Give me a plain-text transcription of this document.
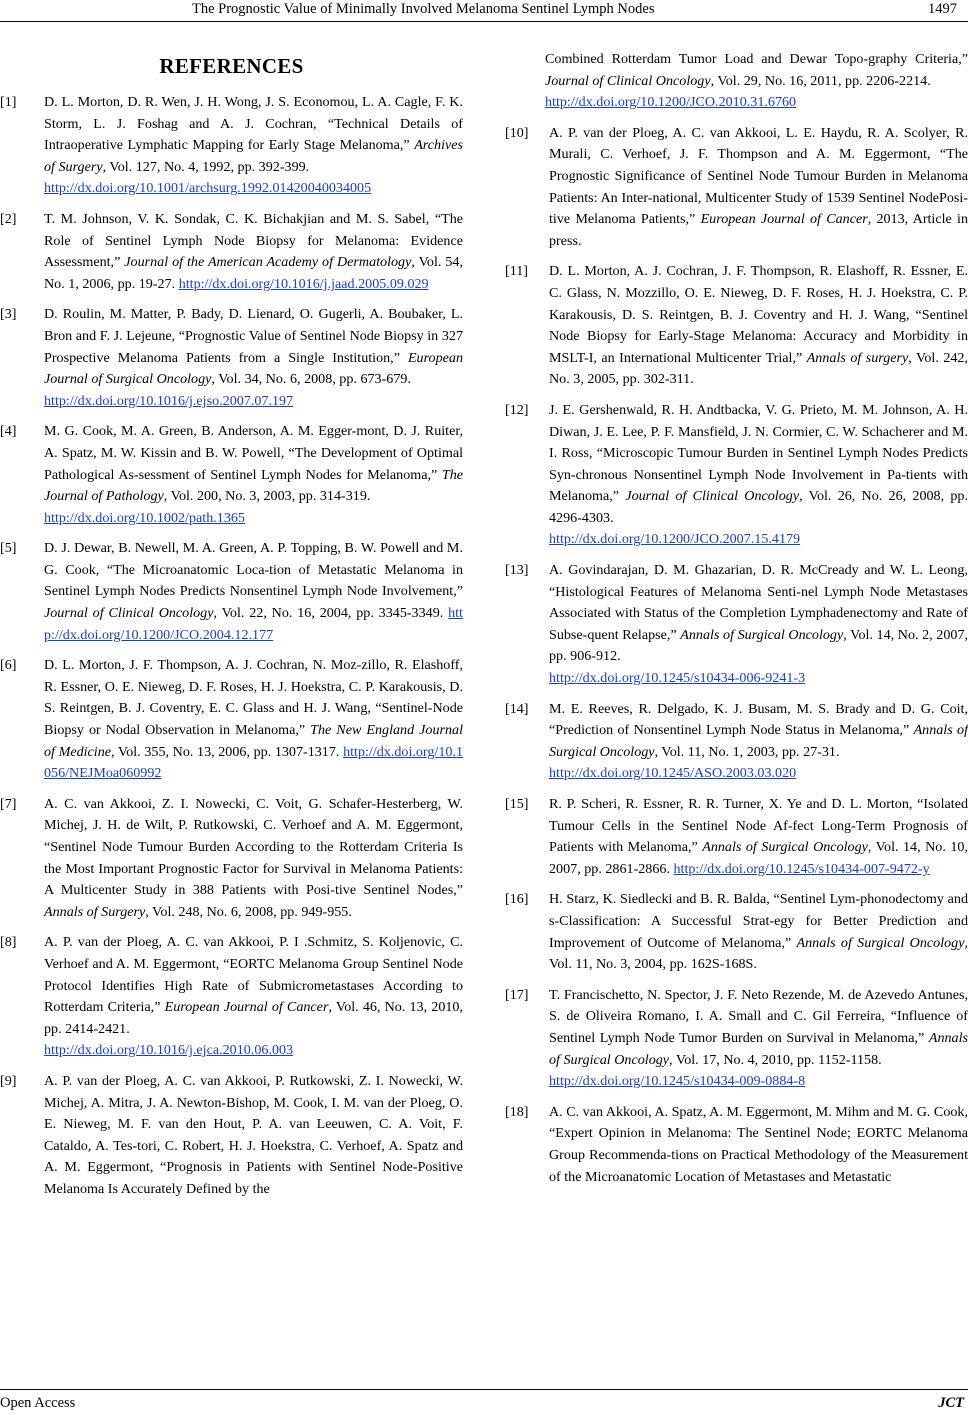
The Prognostic Value of Minimally Involved Melanoma Sentinel Lymph Nodes	1497
REFERENCES
[1] D. L. Morton, D. R. Wen, J. H. Wong, J. S. Economou, L. A. Cagle, F. K. Storm, L. J. Foshag and A. J. Cochran, “Technical Details of Intraoperative Lymphatic Mapping for Early Stage Melanoma,” Archives of Surgery, Vol. 127, No. 4, 1992, pp. 392-399.
http://dx.doi.org/10.1001/archsurg.1992.01420040034005
[2] T. M. Johnson, V. K. Sondak, C. K. Bichakjian and M. S. Sabel, “The Role of Sentinel Lymph Node Biopsy for Melanoma: Evidence Assessment,” Journal of the American Academy of Dermatology, Vol. 54, No. 1, 2006, pp. 19-27. http://dx.doi.org/10.1016/j.jaad.2005.09.029
[3] D. Roulin, M. Matter, P. Bady, D. Lienard, O. Gugerli, A. Boubaker, L. Bron and F. J. Lejeune, “Prognostic Value of Sentinel Node Biopsy in 327 Prospective Melanoma Patients from a Single Institution,” European Journal of Surgical Oncology, Vol. 34, No. 6, 2008, pp. 673-679.
http://dx.doi.org/10.1016/j.ejso.2007.07.197
[4] M. G. Cook, M. A. Green, B. Anderson, A. M. Egger-mont, D. J. Ruiter, A. Spatz, M. W. Kissin and B. W. Powell, “The Development of Optimal Pathological As-sessment of Sentinel Lymph Nodes for Melanoma,” The Journal of Pathology, Vol. 200, No. 3, 2003, pp. 314-319.
http://dx.doi.org/10.1002/path.1365
[5] D. J. Dewar, B. Newell, M. A. Green, A. P. Topping, B. W. Powell and M. G. Cook, “The Microanatomic Loca-tion of Metastatic Melanoma in Sentinel Lymph Nodes Predicts Nonsentinel Lymph Node Involvement,” Journal of Clinical Oncology, Vol. 22, No. 16, 2004, pp. 3345-3349. http://dx.doi.org/10.1200/JCO.2004.12.177
[6] D. L. Morton, J. F. Thompson, A. J. Cochran, N. Moz-zillo, R. Elashoff, R. Essner, O. E. Nieweg, D. F. Roses, H. J. Hoekstra, C. P. Karakousis, D. S. Reintgen, B. J. Coventry, E. C. Glass and H. J. Wang, “Sentinel-Node Biopsy or Nodal Observation in Melanoma,” The New England Journal of Medicine, Vol. 355, No. 13, 2006, pp. 1307-1317. http://dx.doi.org/10.1056/NEJMoa060992
[7] A. C. van Akkooi, Z. I. Nowecki, C. Voit, G. Schafer-Hesterberg, W. Michej, J. H. de Wilt, P. Rutkowski, C. Verhoef and A. M. Eggermont, “Sentinel Node Tumour Burden According to the Rotterdam Criteria Is the Most Important Prognostic Factor for Survival in Melanoma Patients: A Multicenter Study in 388 Patients with Posi-tive Sentinel Nodes,” Annals of Surgery, Vol. 248, No. 6, 2008, pp. 949-955.
[8] A. P. van der Ploeg, A. C. van Akkooi, P. I .Schmitz, S. Koljenovic, C. Verhoef and A. M. Eggermont, “EORTC Melanoma Group Sentinel Node Protocol Identifies High Rate of Submicrometastases According to Rotterdam Criteria,” European Journal of Cancer, Vol. 46, No. 13, 2010, pp. 2414-2421.
http://dx.doi.org/10.1016/j.ejca.2010.06.003
[9] A. P. van der Ploeg, A. C. van Akkooi, P. Rutkowski, Z. I. Nowecki, W. Michej, A. Mitra, J. A. Newton-Bishop, M. Cook, I. M. van der Ploeg, O. E. Nieweg, M. F. van den Hout, P. A. van Leeuwen, C. A. Voit, F. Cataldo, A. Tes-tori, C. Robert, H. J. Hoekstra, C. Verhoef, A. Spatz and A. M. Eggermont, “Prognosis in Patients with Sentinel Node-Positive Melanoma Is Accurately Defined by the
Combined Rotterdam Tumor Load and Dewar Topo-graphy Criteria,” Journal of Clinical Oncology, Vol. 29, No. 16, 2011, pp. 2206-2214.
http://dx.doi.org/10.1200/JCO.2010.31.6760
[10] A. P. van der Ploeg, A. C. van Akkooi, L. E. Haydu, R. A. Scolyer, R. Murali, C. Verhoef, J. F. Thompson and A. M. Eggermont, “The Prognostic Significance of Sentinel Node Tumour Burden in Melanoma Patients: An Inter-national, Multicenter Study of 1539 Sentinel NodePosi-tive Melanoma Patients,” European Journal of Cancer, 2013, Article in press.
[11] D. L. Morton, A. J. Cochran, J. F. Thompson, R. Elashoff, R. Essner, E. C. Glass, N. Mozzillo, O. E. Nieweg, D. F. Roses, H. J. Hoekstra, C. P. Karakousis, D. S. Reintgen, B. J. Coventry and H. J. Wang, “Sentinel Node Biopsy for Early-Stage Melanoma: Accuracy and Morbidity in MSLT-I, an International Multicenter Trial,” Annals of surgery, Vol. 242, No. 3, 2005, pp. 302-311.
[12] J. E. Gershenwald, R. H. Andtbacka, V. G. Prieto, M. M. Johnson, A. H. Diwan, J. E. Lee, P. F. Mansfield, J. N. Cormier, C. W. Schacherer and M. I. Ross, “Microscopic Tumour Burden in Sentinel Lymph Nodes Predicts Syn-chronous Nonsentinel Lymph Node Involvement in Pa-tients with Melanoma,” Journal of Clinical Oncology, Vol. 26, No. 26, 2008, pp. 4296-4303.
http://dx.doi.org/10.1200/JCO.2007.15.4179
[13] A. Govindarajan, D. M. Ghazarian, D. R. McCready and W. L. Leong, “Histological Features of Melanoma Senti-nel Lymph Node Metastases Associated with Status of the Completion Lymphadenectomy and Rate of Subse-quent Relapse,” Annals of Surgical Oncology, Vol. 14, No. 2, 2007, pp. 906-912.
http://dx.doi.org/10.1245/s10434-006-9241-3
[14] M. E. Reeves, R. Delgado, K. J. Busam, M. S. Brady and D. G. Coit, “Prediction of Nonsentinel Lymph Node Status in Melanoma,” Annals of Surgical Oncology, Vol. 11, No. 1, 2003, pp. 27-31.
http://dx.doi.org/10.1245/ASO.2003.03.020
[15] R. P. Scheri, R. Essner, R. R. Turner, X. Ye and D. L. Morton, “Isolated Tumour Cells in the Sentinel Node Af-fect Long-Term Prognosis of Patients with Melanoma,” Annals of Surgical Oncology, Vol. 14, No. 10, 2007, pp. 2861-2866. http://dx.doi.org/10.1245/s10434-007-9472-y
[16] H. Starz, K. Siedlecki and B. R. Balda, “Sentinel Lym-phonodectomy and s-Classification: A Successful Strat-egy for Better Prediction and Improvement of Outcome of Melanoma,” Annals of Surgical Oncology, Vol. 11, No. 3, 2004, pp. 162S-168S.
[17] T. Francischetto, N. Spector, J. F. Neto Rezende, M. de Azevedo Antunes, S. de Oliveira Romano, I. A. Small and C. Gil Ferreira, “Influence of Sentinel Lymph Node Tumor Burden on Survival in Melanoma,” Annals of Surgical Oncology, Vol. 17, No. 4, 2010, pp. 1152-1158.
http://dx.doi.org/10.1245/s10434-009-0884-8
[18] A. C. van Akkooi, A. Spatz, A. M. Eggermont, M. Mihm and M. G. Cook, “Expert Opinion in Melanoma: The Sentinel Node; EORTC Melanoma Group Recommenda-tions on Practical Methodology of the Measurement of the Microanatomic Location of Metastases and Metastatic
Open Access	JCT
